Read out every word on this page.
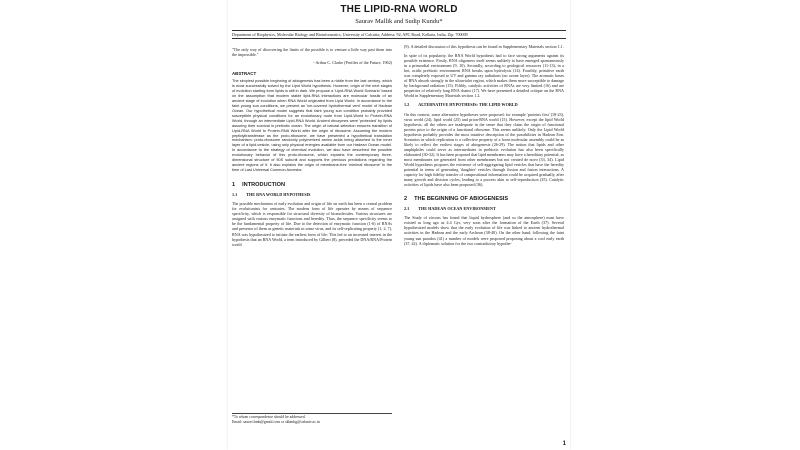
THE LIPID-RNA WORLD
Saurav Mallik and Sudip Kundu*
Department of Biophysics, Molecular Biology and Bioinformatics, University of Calcutta; Address: 92, APC Road, Kolkata, India, Zip: 700009
"The only way of discovering the limits of the possible is to venture a little way past them into the impossible."
- Arthur C. Clarke (Profiles of the Future, 1962)
ABSTRACT
The simplest possible beginning of abiogenesis has been a riddle from the last century, which is most successfully solved by the Lipid World hypothesis. However, origin of the next stages of evolution starting form lipids is still in dark. We propose a 'Lipid-RNA World Scenario' based on the assumption that modern stable lipid-RNA interactions are molecular fossils of an ancient stage of evolution when RNA World originated from Lipid World. In accordance to the faint young sun conditions, we present an 'ice-covered hydrothermal vent' model of Hadean Ocean. Our hypothetical model suggests that faint young sun condition probably provided susceptible physical conditions for an evolutionary route from Lipid-World to Protein-RNA World, through an intermediate Lipid-RNA World. Ancient ribozymes were 'protected' by lipids assuring their survival in prebiotic ocean. The origin of natural selection ensures transition of Lipid-RNA World to Protein-RNA World after the origin of ribosome. Assuming the modern peptidyltransferase as the proto-ribosome, we have presented a hypothetical translation mechanism: proto-ribosome randomly polymerized amino acids being attached to the inner layer of a lipid-vesicle, using only physical energies available from our Hadean Ocean model. In accordance to the strategy of chemical evolution, we also have described the possible evolutionary behavior of this proto-ribosome, which explains the contemporary three-dimensional structure of 50S subunit and supports the previous predictions regarding the ancient regions of it. It also explains the origin of membrane-free 'minimal ribosome' in the time of Last Universal Common Ancestor.
1 INTRODUCTION
1.1 THE RNA WORLD HYPOTHESIS
The possible mechanism of early evolution and origin of life on earth has been a central problem for evolutionists for centuries. The modern form of life operates by means of sequence specificity, which is responsible for structural diversity of biomolecules. Various structures are assigned with various enzymatic functions and heredity. Thus, the sequence specificity seems to be the fundamental property of life. Due to the detection of enzymatic function (1-6) of RNAs and presence of them as genetic materials in some virus, and its self-replicating property (1, 2, 7), RNA was hypothesized to initiate the earliest form of life: This led to an increased interest in the hypothesis that an RNA World, a term introduced by Gilbert (8), preceded the DNA/RNA/Protein world
*To whom correspondence should be addressed.
Email: saurav.bmb@gmail.com or skbmbg@caluniv.ac.in
(9). A detailed discussion of this hypothesis can be found in Supplementary Materials section 1.1.
In spite of its popularity, the RNA World hypothesis had to face strong arguments against its possible existence. Firstly, RNA oligomers itself seems unlikely to have emerged spontaneously in a primordial environment (9, 10). Secondly, according to geological resources (11-13), in a hot, acidic prebiotic environment RNA breaks upon hydrolysis (14). Fourthly, primitive earth was completely exposed to UV and gamma ray radiations (no ozone layer). The aromatic bases of RNA absorb strongly in the ultraviolet region, which makes them more susceptible to damage by background radiation (15). Fifthly, catalytic activities of RNAs are very limited (16) and are properties of relatively long RNA chains (17). We have presented a detailed critique on the RNA World in Supplementary Materials section 1.2.
1.2 ALTERNATIVE HYPOTHESIS: THE LIPID WORLD
On this context, some alternative hypotheses were proposed: for example 'proteins first' (18-23), virus world (24), lipid world (25) and prion-RNA world (15). However, except the lipid World hypothesis, all the others are inadequate in the sense that they claim the origin of functional protein prior to the origin of a functional ribosome. This seems unlikely. Only the Lipid World hypothesis probably provides the most intuitive description of the possibilities in Hadean Eon. Scenarios in which replication is a collective property of a loose molecular assembly could be as likely to reflect the earliest stages of abiogenesis (26-29). The notion that lipids and other amphiphiles could serve as intermediates in prebiotic evolution has also been specifically elaborated (30-32). It has been proposed that lipid membranes may have a hereditary potential, as most membranes are generated from other membranes but not created de novo (33, 34). Lipid World hypothesis proposes the existence of self-aggregating lipid vesicles that have the heredity potential in terms of generating 'daughter' vesicles through fission and fusion interactions. A capacity for high fidelity transfer of compositional information could be acquired gradually, after many growth and division cycles, leading to a process akin to self-reproduction (35). Catalytic activities of lipids have also been proposed (36).
2 THE BEGINNING OF ABIOGENESIS
2.1 THE HADEAN OCEAN ENVIRONMENT
The Study of zircons has found that liquid hydrosphere (and so the atmosphere) must have existed as long ago as 4.4 Gyr, very soon after the formation of the Earth (37). Several hypothesized models show that the early evolution of life was linked to ancient hydrothermal activities in the Hadean and the early Archean (38-40). On the other hand, following the faint young sun paradox (41) a number of models were proposed proposing about a cool early earth (37, 42). A diplomatic solution for the two contradictory hypothe-
1
